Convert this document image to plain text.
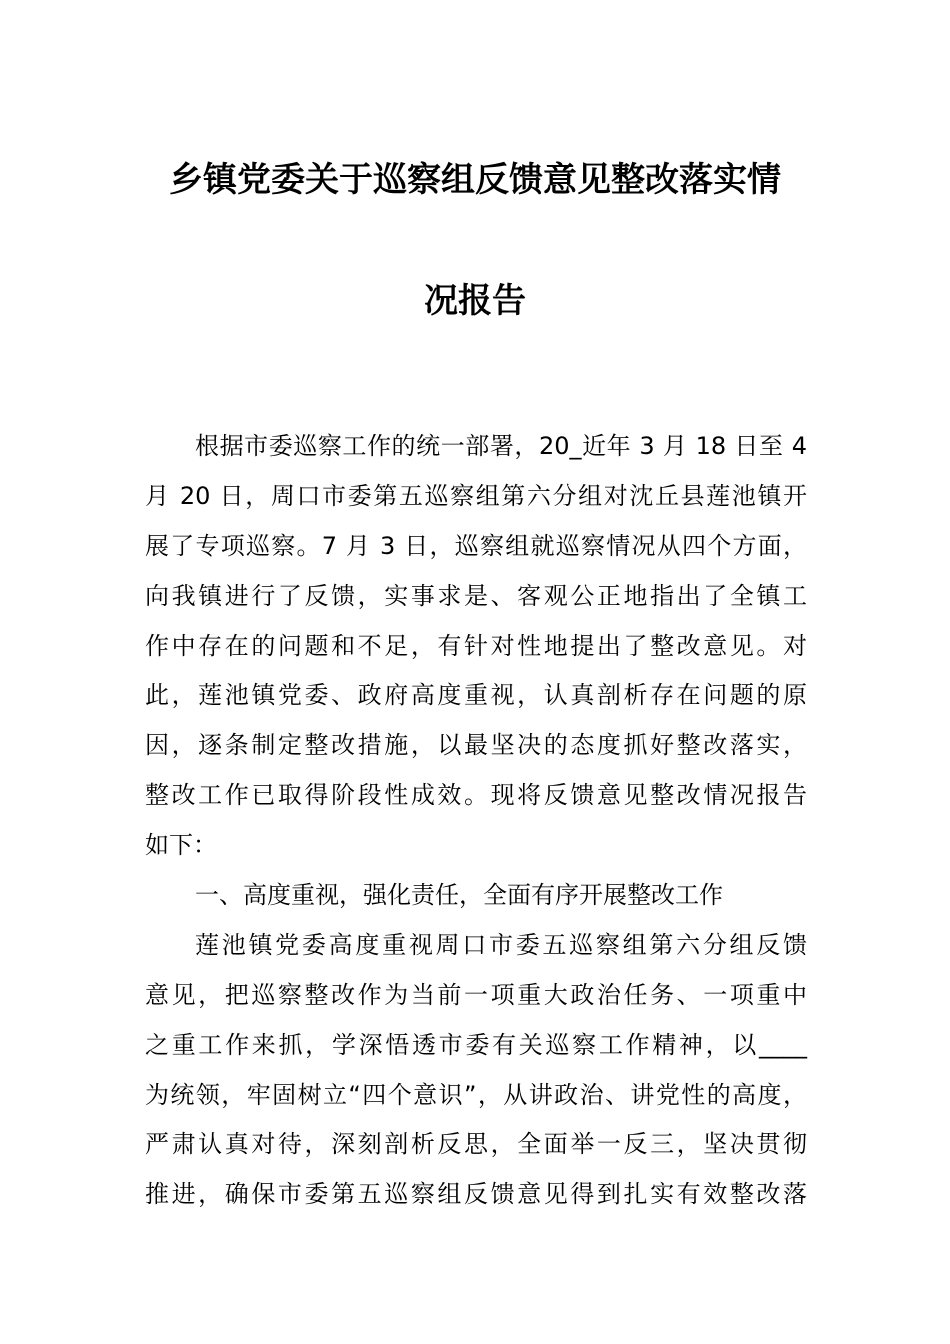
乡镇党委关于巡察组反馈意见整改落实情
况报告
根据市委巡察工作的统一部署，20_近年 3 月 18 日至 4
月 20 日，周口市委第五巡察组第六分组对沈丘县莲池镇开
展了专项巡察。7 月 3 日，巡察组就巡察情况从四个方面，
向我镇进行了反馈，实事求是、客观公正地指出了全镇工
作中存在的问题和不足，有针对性地提出了整改意见。对
此，莲池镇党委、政府高度重视，认真剖析存在问题的原
因，逐条制定整改措施，以最坚决的态度抓好整改落实，
整改工作已取得阶段性成效。现将反馈意见整改情况报告
如下：
一、高度重视，强化责任，全面有序开展整改工作
莲池镇党委高度重视周口市委五巡察组第六分组反馈
意见，把巡察整改作为当前一项重大政治任务、一项重中
之重工作来抓，学深悟透市委有关巡察工作精神，以____
为统领，牢固树立“四个意识”，从讲政治、讲党性的高度，
严肃认真对待，深刻剖析反思，全面举一反三，坚决贯彻
推进，确保市委第五巡察组反馈意见得到扎实有效整改落
